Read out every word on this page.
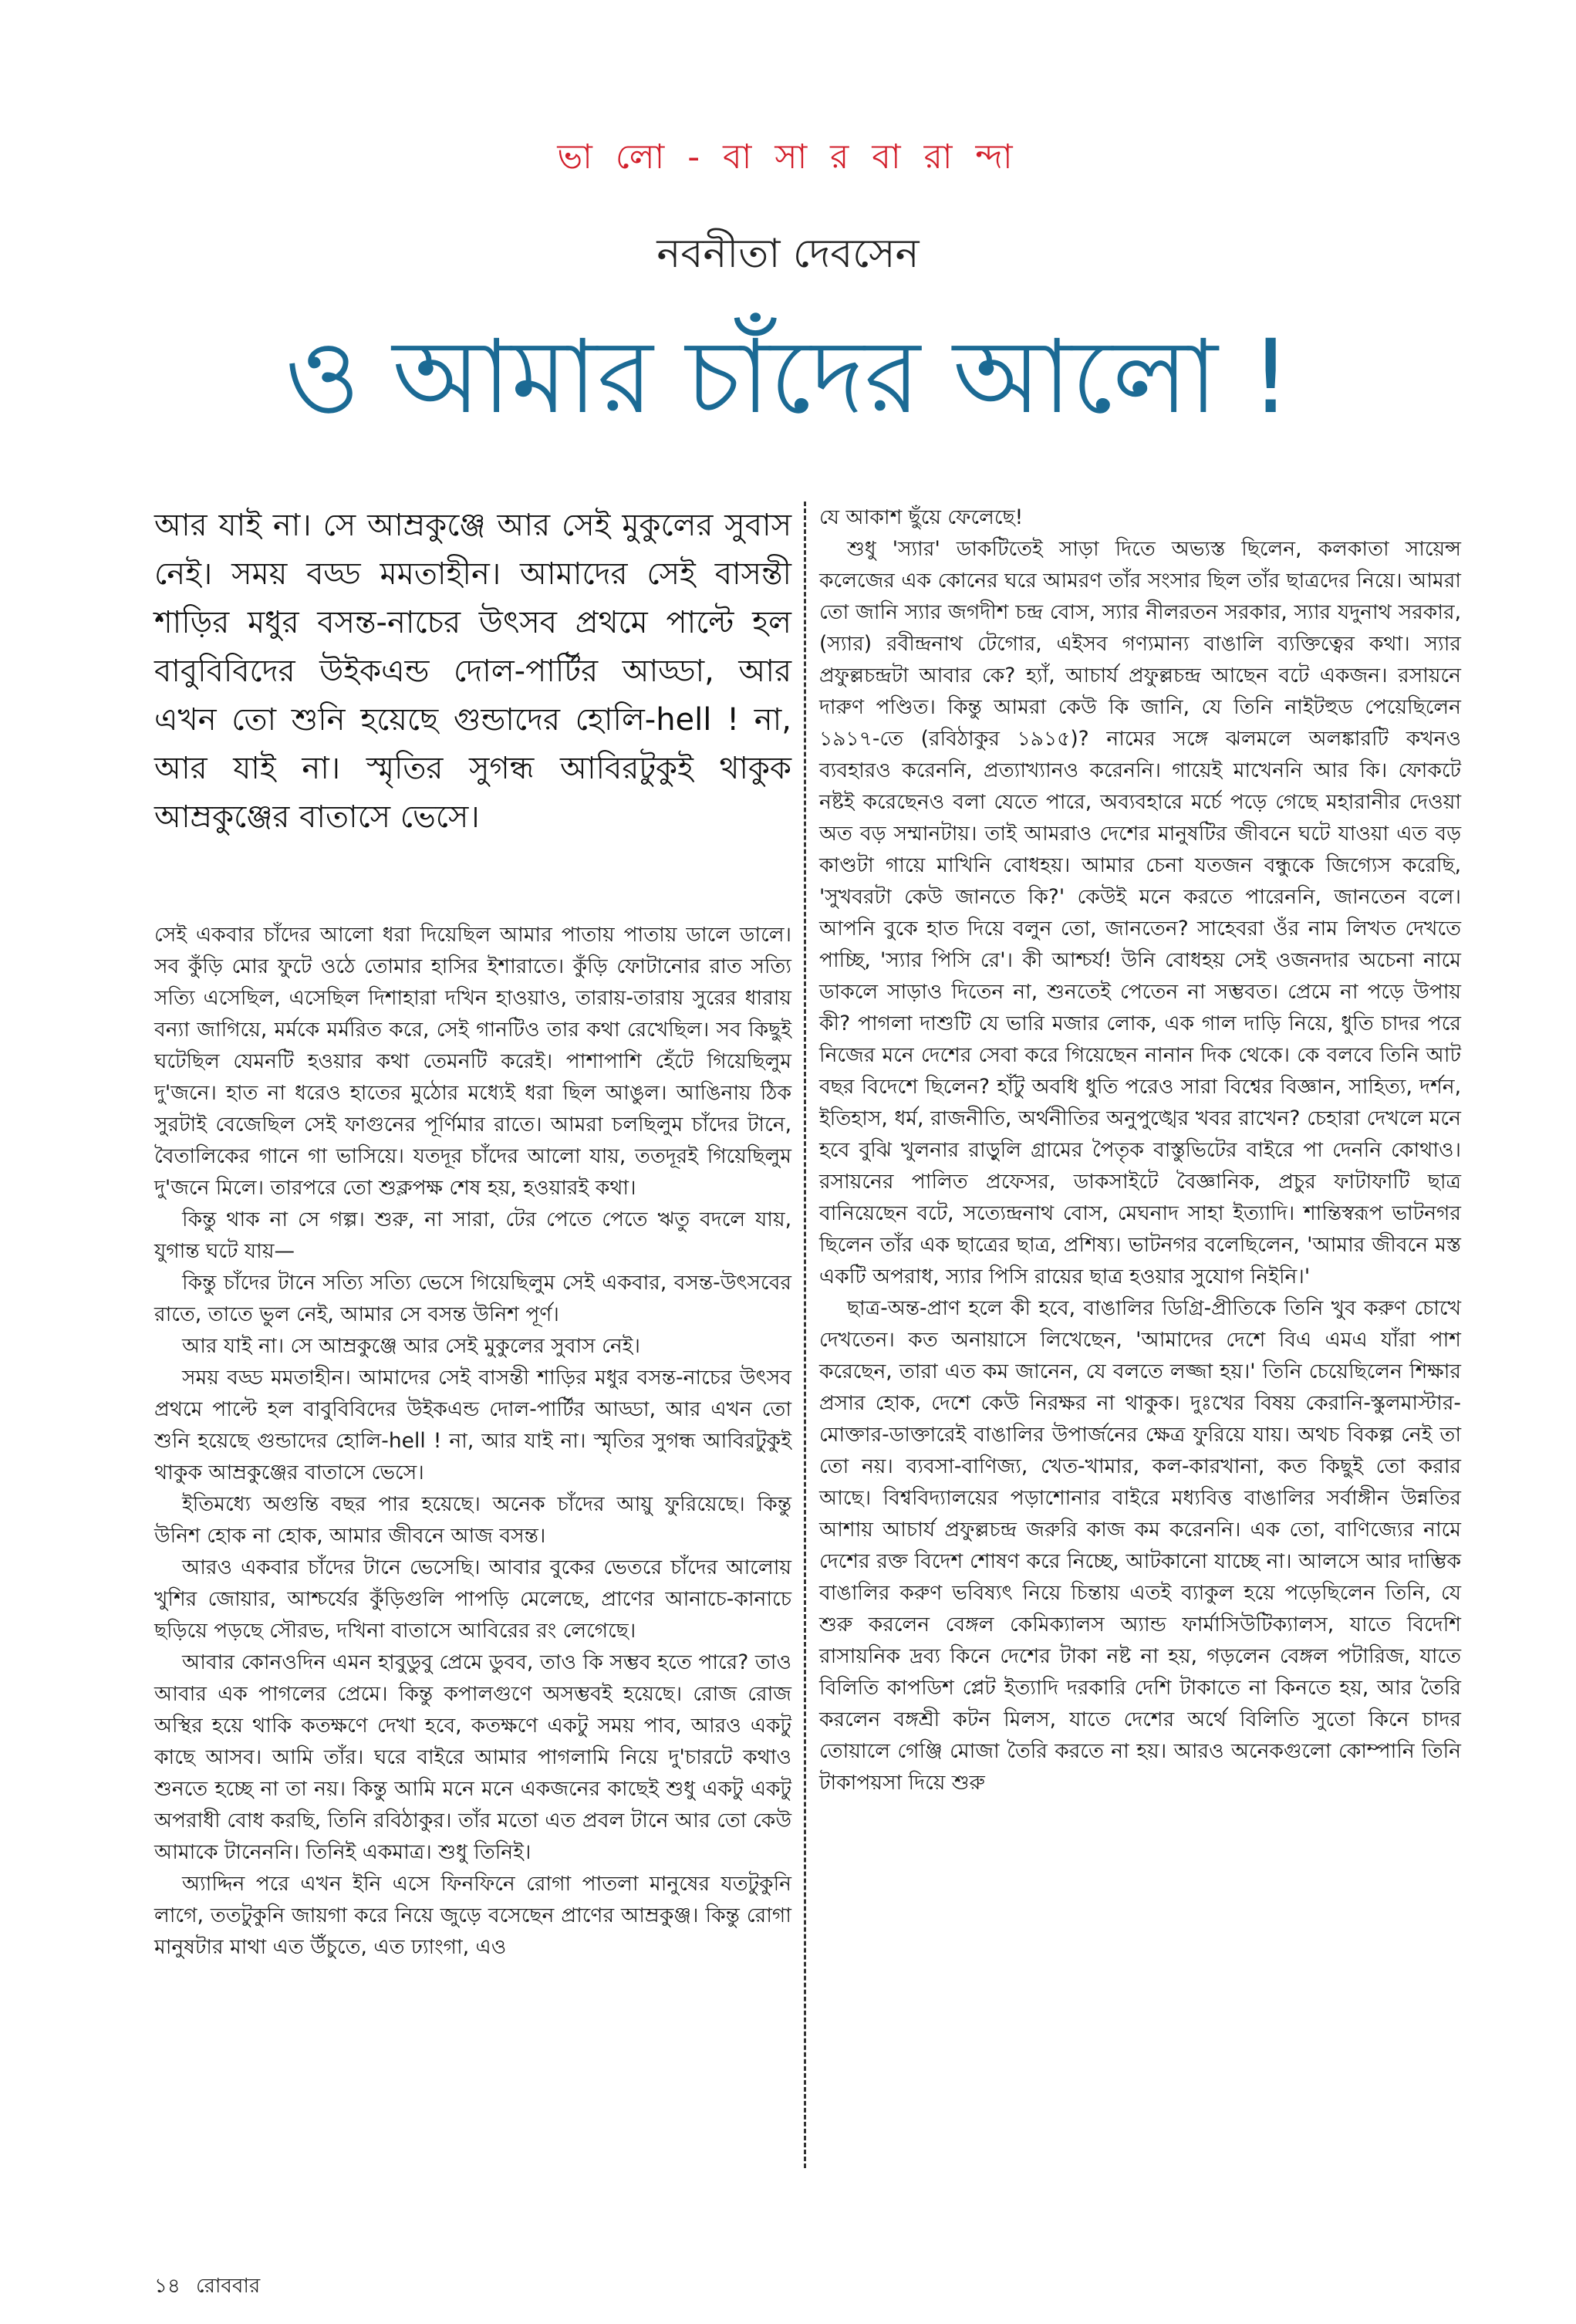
ভা লো - বা সা র বা রা ন্দা
নবনীতা দেবসেন
ও আমার চাঁদের আলো !

আর যাই না। সে আম্রকুঞ্জে আর সেই মুকুলের সুবাস নেই। সময় বড্ড মমতাহীন। আমাদের সেই বাসন্তী শাড়ির মধুর বসন্ত-নাচের উৎসব প্রথমে পাল্টে হল বাবুবিবিদের উইকএন্ড দোল-পার্টির আড্ডা, আর এখন তো শুনি হয়েছে গুন্ডাদের হোলি-hell ! না, আর যাই না। স্মৃতির সুগন্ধ আবিরটুকুই থাকুক আম্রকুঞ্জের বাতাসে ভেসে।

সেই একবার চাঁদের আলো ধরা দিয়েছিল আমার পাতায় পাতায় ডালে ডালে। সব কুঁড়ি মোর ফুটে ওঠে তোমার হাসির ইশারাতে। কুঁড়ি ফোটানোর রাত সত্যি সত্যি এসেছিল, এসেছিল দিশাহারা দখিন হাওয়াও, তারায়-তারায় সুরের ধারায় বন্যা জাগিয়ে, মর্মকে মর্মরিত করে, সেই গানটিও তার কথা রেখেছিল। সব কিছুই ঘটেছিল যেমনটি হওয়ার কথা তেমনটি করেই। পাশাপাশি হেঁটে গিয়েছিলুম দু'জনে। হাত না ধরেও হাতের মুঠোর মধ্যেই ধরা ছিল আঙুল। আঙিনায় ঠিক সুরটাই বেজেছিল সেই ফাগুনের পূর্ণিমার রাতে। আমরা চলছিলুম চাঁদের টানে, বৈতালিকের গানে গা ভাসিয়ে। যতদূর চাঁদের আলো যায়, ততদূরই গিয়েছিলুম দু'জনে মিলে। তারপরে তো শুক্লপক্ষ শেষ হয়, হওয়ারই কথা।

কিন্তু থাক না সে গল্প। শুরু, না সারা, টের পেতে পেতে ঋতু বদলে যায়, যুগান্ত ঘটে যায়—

কিন্তু চাঁদের টানে সত্যি সত্যি ভেসে গিয়েছিলুম সেই একবার, বসন্ত-উৎসবের রাতে, তাতে ভুল নেই, আমার সে বসন্ত উনিশ পূর্ণ।

আর যাই না। সে আম্রকুঞ্জে আর সেই মুকুলের সুবাস নেই।

সময় বড্ড মমতাহীন। আমাদের সেই বাসন্তী শাড়ির মধুর বসন্ত-নাচের উৎসব প্রথমে পাল্টে হল বাবুবিবিদের উইকএন্ড দোল-পার্টির আড্ডা, আর এখন তো শুনি হয়েছে গুন্ডাদের হোলি-hell ! না, আর যাই না। স্মৃতির সুগন্ধ আবিরটুকুই থাকুক আম্রকুঞ্জের বাতাসে ভেসে।

ইতিমধ্যে অগুন্তি বছর পার হয়েছে। অনেক চাঁদের আয়ু ফুরিয়েছে। কিন্তু উনিশ হোক না হোক, আমার জীবনে আজ বসন্ত।

আরও একবার চাঁদের টানে ভেসেছি। আবার বুকের ভেতরে চাঁদের আলোয় খুশির জোয়ার, আশ্চর্যের কুঁড়িগুলি পাপড়ি মেলেছে, প্রাণের আনাচে-কানাচে ছড়িয়ে পড়ছে সৌরভ, দখিনা বাতাসে আবিরের রং লেগেছে।

আবার কোনওদিন এমন হাবুডুবু প্রেমে ডুবব, তাও কি সম্ভব হতে পারে? তাও আবার এক পাগলের প্রেমে। কিন্তু কপালগুণে অসম্ভবই হয়েছে। রোজ রোজ অস্থির হয়ে থাকি কতক্ষণে দেখা হবে, কতক্ষণে একটু সময় পাব, আরও একটু কাছে আসব। আমি তাঁর। ঘরে বাইরে আমার পাগলামি নিয়ে দু'চারটে কথাও শুনতে হচ্ছে না তা নয়। কিন্তু আমি মনে মনে একজনের কাছেই শুধু একটু একটু অপরাধী বোধ করছি, তিনি রবিঠাকুর। তাঁর মতো এত প্রবল টানে আর তো কেউ আমাকে টানেননি। তিনিই একমাত্র। শুধু তিনিই।

অ্যাদ্দিন পরে এখন ইনি এসে ফিনফিনে রোগা পাতলা মানুষের যতটুকুনি লাগে, ততটুকুনি জায়গা করে নিয়ে জুড়ে বসেছেন প্রাণের আম্রকুঞ্জ। কিন্তু রোগা মানুষটার মাথা এত উঁচুতে, এত ঢ্যাংগা, এও

যে আকাশ ছুঁয়ে ফেলেছে!

শুধু 'স্যার' ডাকটিতেই সাড়া দিতে অভ্যস্ত ছিলেন, কলকাতা সায়েন্স কলেজের এক কোনের ঘরে আমরণ তাঁর সংসার ছিল তাঁর ছাত্রদের নিয়ে। আমরা তো জানি স্যার জগদীশ চন্দ্র বোস, স্যার নীলরতন সরকার, স্যার যদুনাথ সরকার, (স্যার) রবীন্দ্রনাথ টেগোর, এইসব গণ্যমান্য বাঙালি ব্যক্তিত্বের কথা। স্যার প্রফুল্লচন্দ্রটা আবার কে? হ্যাঁ, আচার্য প্রফুল্লচন্দ্র আছেন বটে একজন। রসায়নে দারুণ পণ্ডিত। কিন্তু আমরা কেউ কি জানি, যে তিনি নাইটহুড পেয়েছিলেন ১৯১৭-তে (রবিঠাকুর ১৯১৫)? নামের সঙ্গে ঝলমলে অলঙ্কারটি কখনও ব্যবহারও করেননি, প্রত্যাখ্যানও করেননি। গায়েই মাখেননি আর কি। ফোকটে নষ্টই করেছেনও বলা যেতে পারে, অব্যবহারে মর্চে পড়ে গেছে মহারানীর দেওয়া অত বড় সম্মানটায়। তাই আমরাও দেশের মানুষটির জীবনে ঘটে যাওয়া এত বড় কাণ্ডটা গায়ে মাখিনি বোধহয়। আমার চেনা যতজন বন্ধুকে জিগ্যেস করেছি, 'সুখবরটা কেউ জানতে কি?' কেউই মনে করতে পারেননি, জানতেন বলে। আপনি বুকে হাত দিয়ে বলুন তো, জানতেন? সাহেবরা ওঁর নাম লিখত দেখতে পাচ্ছি, 'স্যার পিসি রে'। কী আশ্চর্য! উনি বোধহয় সেই ওজনদার অচেনা নামে ডাকলে সাড়াও দিতেন না, শুনতেই পেতেন না সম্ভবত। প্রেমে না পড়ে উপায় কী? পাগলা দাশুটি যে ভারি মজার লোক, এক গাল দাড়ি নিয়ে, ধুতি চাদর পরে নিজের মনে দেশের সেবা করে গিয়েছেন নানান দিক থেকে। কে বলবে তিনি আট বছর বিদেশে ছিলেন? হাঁটু অবধি ধুতি পরেও সারা বিশ্বের বিজ্ঞান, সাহিত্য, দর্শন, ইতিহাস, ধর্ম, রাজনীতি, অর্থনীতির অনুপুঙ্খের খবর রাখেন? চেহারা দেখলে মনে হবে বুঝি খুলনার রাড়ুলি গ্রামের পৈতৃক বাস্তুভিটের বাইরে পা দেননি কোথাও। রসায়নের পালিত প্রফেসর, ডাকসাইটে বৈজ্ঞানিক, প্রচুর ফাটাফাটি ছাত্র বানিয়েছেন বটে, সত্যেন্দ্রনাথ বোস, মেঘনাদ সাহা ইত্যাদি। শান্তিস্বরূপ ভাটনগর ছিলেন তাঁর এক ছাত্রের ছাত্র, প্রশিষ্য। ভাটনগর বলেছিলেন, 'আমার জীবনে মস্ত একটি অপরাধ, স্যার পিসি রায়ের ছাত্র হওয়ার সুযোগ নিইনি।'

ছাত্র-অন্ত-প্রাণ হলে কী হবে, বাঙালির ডিগ্রি-প্রীতিকে তিনি খুব করুণ চোখে দেখতেন। কত অনায়াসে লিখেছেন, 'আমাদের দেশে বিএ এমএ যাঁরা পাশ করেছেন, তারা এত কম জানেন, যে বলতে লজ্জা হয়।' তিনি চেয়েছিলেন শিক্ষার প্রসার হোক, দেশে কেউ নিরক্ষর না থাকুক। দুঃখের বিষয় কেরানি-স্কুলমাস্টার-মোক্তার-ডাক্তারেই বাঙালির উপার্জনের ক্ষেত্র ফুরিয়ে যায়। অথচ বিকল্প নেই তা তো নয়। ব্যবসা-বাণিজ্য, খেত-খামার, কল-কারখানা, কত কিছুই তো করার আছে। বিশ্ববিদ্যালয়ের পড়াশোনার বাইরে মধ্যবিত্ত বাঙালির সর্বাঙ্গীন উন্নতির আশায় আচার্য প্রফুল্লচন্দ্র জরুরি কাজ কম করেননি। এক তো, বাণিজ্যের নামে দেশের রক্ত বিদেশ শোষণ করে নিচ্ছে, আটকানো যাচ্ছে না। আলসে আর দাম্ভিক বাঙালির করুণ ভবিষ্যৎ নিয়ে চিন্তায় এতই ব্যাকুল হয়ে পড়েছিলেন তিনি, যে শুরু করলেন বেঙ্গল কেমিক্যালস অ্যান্ড ফার্মাসিউটিক্যালস, যাতে বিদেশি রাসায়নিক দ্রব্য কিনে দেশের টাকা নষ্ট না হয়, গড়লেন বেঙ্গল পটারিজ, যাতে বিলিতি কাপডিশ প্লেট ইত্যাদি দরকারি দেশি টাকাতে না কিনতে হয়, আর তৈরি করলেন বঙ্গশ্রী কটন মিলস, যাতে দেশের অর্থে বিলিতি সুতো কিনে চাদর তোয়ালে গেঞ্জি মোজা তৈরি করতে না হয়। আরও অনেকগুলো কোম্পানি তিনি টাকাপয়সা দিয়ে শুরু

১৪ রোববার
